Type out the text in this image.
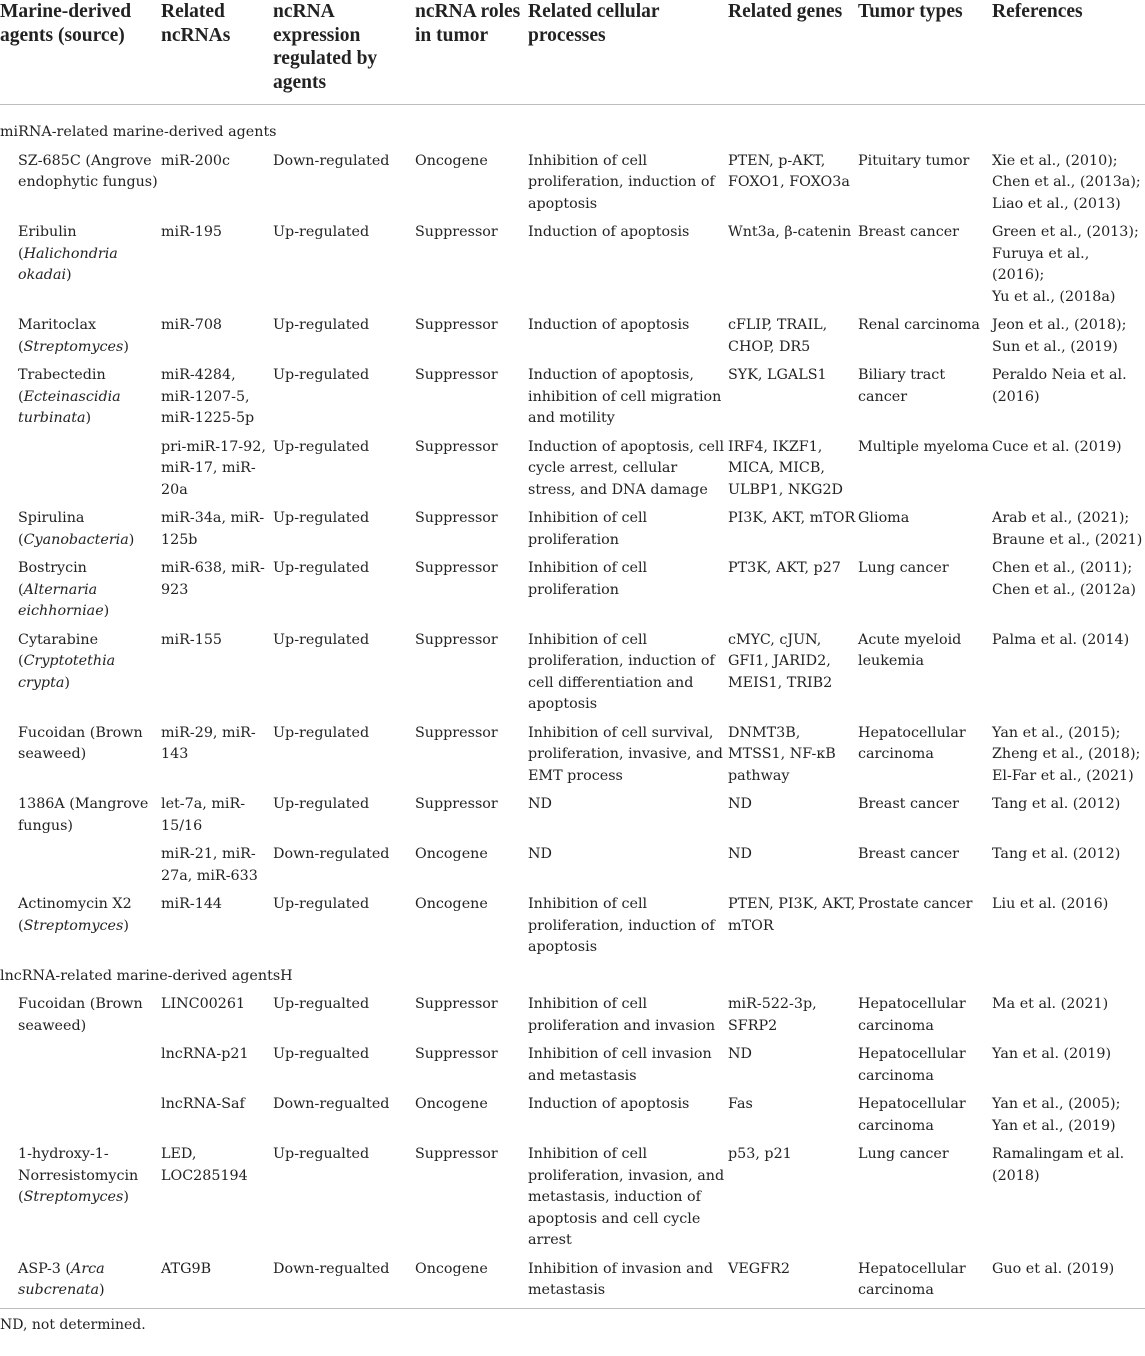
Marine-derived agents (source)	Related ncRNAs	ncRNA expression regulated by agents	ncRNA roles in tumor	Related cellular processes	Related genes	Tumor types	References

miRNA-related marine-derived agents							
SZ-685C (Angrove endophytic fungus)	miR-200c	Down-regulated	Oncogene	Inhibition of cell proliferation, induction of apoptosis	PTEN, p-AKT, FOXO1, FOXO3a	Pituitary tumor	Xie et al., (2010);
Chen et al., (2013a);
Liao et al., (2013)
Eribulin (Halichondria okadai)	miR-195	Up-regulated	Suppressor	Induction of apoptosis	Wnt3a, β-catenin	Breast cancer	Green et al., (2013);
Furuya et al., (2016);
Yu et al., (2018a)
Maritoclax (Streptomyces)	miR-708	Up-regulated	Suppressor	Induction of apoptosis	cFLIP, TRAIL, CHOP, DR5	Renal carcinoma	Jeon et al., (2018);
Sun et al., (2019)
Trabectedin (Ecteinascidia turbinata)	miR-4284, miR-1207-5, miR-1225-5p	Up-regulated	Suppressor	Induction of apoptosis, inhibition of cell migration and motility	SYK, LGALS1	Biliary tract cancer	Peraldo Neia et al. (2016)
	pri-miR-17-92, miR-17, miR-20a	Up-regulated	Suppressor	Induction of apoptosis, cell cycle arrest, cellular stress, and DNA damage	IRF4, IKZF1, MICA, MICB, ULBP1, NKG2D	Multiple myeloma	Cuce et al. (2019)
Spirulina (Cyanobacteria)	miR-34a, miR-125b	Up-regulated	Suppressor	Inhibition of cell proliferation	PI3K, AKT, mTOR	Glioma	Arab et al., (2021);
Braune et al., (2021)
Bostrycin (Alternaria eichhorniae)	miR-638, miR-923	Up-regulated	Suppressor	Inhibition of cell proliferation	PT3K, AKT, p27	Lung cancer	Chen et al., (2011);
Chen et al., (2012a)
Cytarabine (Cryptotethia crypta)	miR-155	Up-regulated	Suppressor	Inhibition of cell proliferation, induction of cell differentiation and apoptosis	cMYC, cJUN, GFI1, JARID2, MEIS1, TRIB2	Acute myeloid leukemia	Palma et al. (2014)
Fucoidan (Brown seaweed)	miR-29, miR-143	Up-regulated	Suppressor	Inhibition of cell survival, proliferation, invasive, and EMT process	DNMT3B, MTSS1, NF-κB pathway	Hepatocellular carcinoma	Yan et al., (2015);
Zheng et al., (2018);
El-Far et al., (2021)
1386A (Mangrove fungus)	let-7a, miR-15/16	Up-regulated	Suppressor	ND	ND	Breast cancer	Tang et al. (2012)
	miR-21, miR-27a, miR-633	Down-regulated	Oncogene	ND	ND	Breast cancer	Tang et al. (2012)
Actinomycin X2 (Streptomyces)	miR-144	Up-regulated	Oncogene	Inhibition of cell proliferation, induction of apoptosis	PTEN, PI3K, AKT, mTOR	Prostate cancer	Liu et al. (2016)
lncRNA-related marine-derived agentsH							
Fucoidan (Brown seaweed)	LINC00261	Up-regualted	Suppressor	Inhibition of cell proliferation and invasion	miR-522-3p, SFRP2	Hepatocellular carcinoma	Ma et al. (2021)
	lncRNA-p21	Up-regualted	Suppressor	Inhibition of cell invasion and metastasis	ND	Hepatocellular carcinoma	Yan et al. (2019)
	lncRNA-Saf	Down-regualted	Oncogene	Induction of apoptosis	Fas	Hepatocellular carcinoma	Yan et al., (2005);
Yan et al., (2019)
1-hydroxy-1-Norresistomycin (Streptomyces)	LED, LOC285194	Up-regualted	Suppressor	Inhibition of cell proliferation, invasion, and metastasis, induction of apoptosis and cell cycle arrest	p53, p21	Lung cancer	Ramalingam et al. (2018)
ASP-3 (Arca subcrenata)	ATG9B	Down-regualted	Oncogene	Inhibition of invasion and metastasis	VEGFR2	Hepatocellular carcinoma	Guo et al. (2019)
ND, not determined.
